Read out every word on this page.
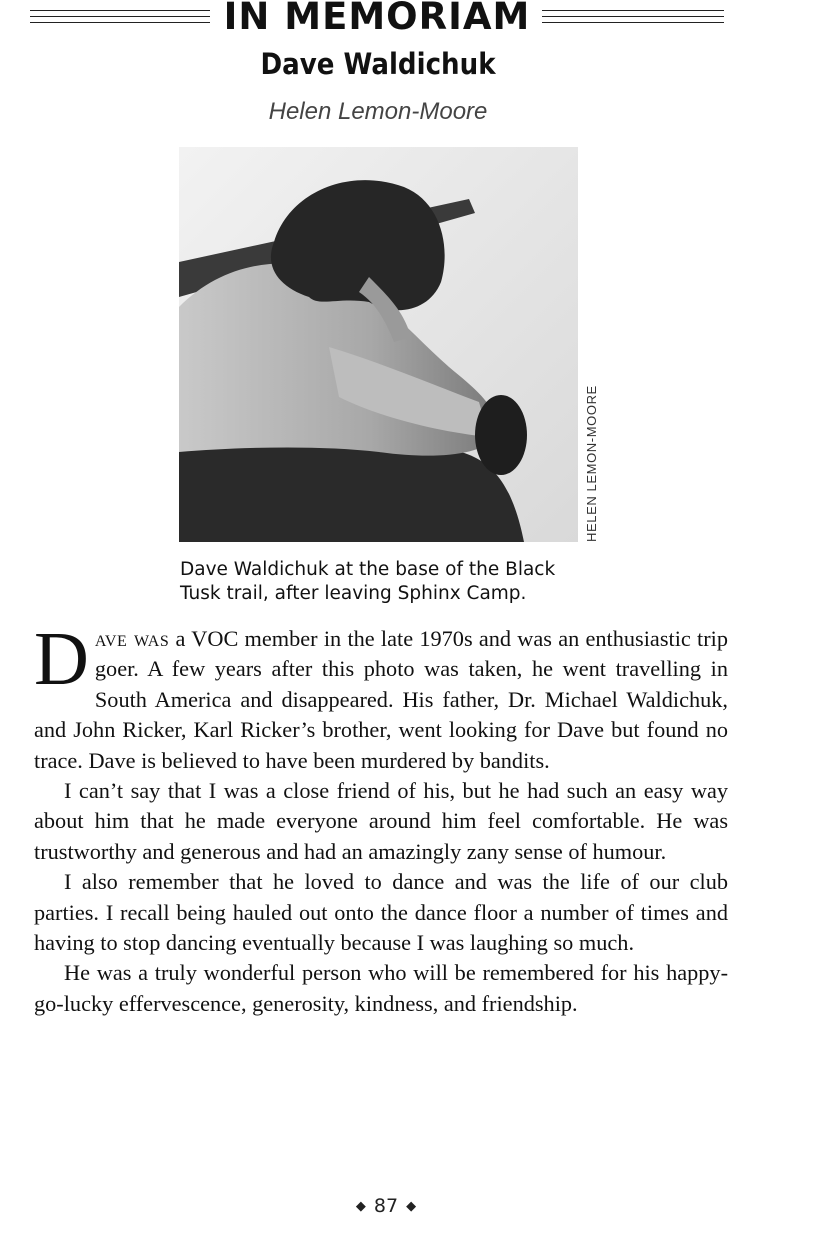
IN MEMORIAM
Dave Waldichuk
Helen Lemon-Moore
HELEN LEMON-MOORE
Dave Waldichuk at the base of the Black
Tusk trail, after leaving Sphinx Camp.

Dave was a VOC member in the late 1970s and was an enthusiastic trip goer. A few years after this photo was taken, he went travelling in South America and disappeared. His father, Dr. Michael Waldichuk, and John Ricker, Karl Ricker’s brother, went looking for Dave but found no trace. Dave is believed to have been murdered by bandits.

I can’t say that I was a close friend of his, but he had such an easy way about him that he made everyone around him feel comfortable. He was trustworthy and generous and had an amazingly zany sense of humour.

I also remember that he loved to dance and was the life of our club parties. I recall being hauled out onto the dance floor a number of times and having to stop dancing eventually because I was laughing so much.

He was a truly wonderful person who will be remembered for his happy-go-lucky effervescence, generosity, kindness, and friendship.

◆ 87 ◆
